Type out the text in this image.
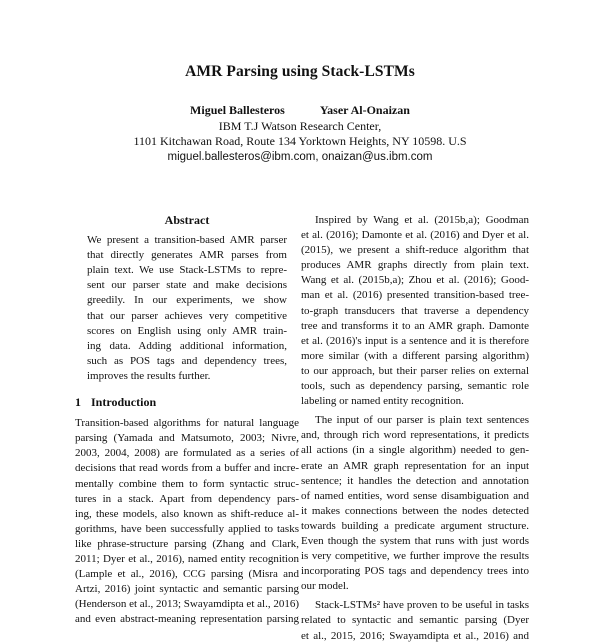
AMR Parsing using Stack-LSTMs
Miguel Ballesteros	Yaser Al-Onaizan
IBM T.J Watson Research Center,
1101 Kitchawan Road, Route 134 Yorktown Heights, NY 10598. U.S
miguel.ballesteros@ibm.com, onaizan@us.ibm.com
Abstract
We present a transition-based AMR parser
that directly generates AMR parses from
plain text. We use Stack-LSTMs to repre-
sent our parser state and make decisions
greedily. In our experiments, we show
that our parser achieves very competitive
scores on English using only AMR train-
ing data. Adding additional information,
such as POS tags and dependency trees,
improves the results further.
1 Introduction
Transition-based algorithms for natural language
parsing (Yamada and Matsumoto, 2003; Nivre,
2003, 2004, 2008) are formulated as a series of
decisions that read words from a buffer and incre-
mentally combine them to form syntactic struc-
tures in a stack. Apart from dependency pars-
ing, these models, also known as shift-reduce al-
gorithms, have been successfully applied to tasks
like phrase-structure parsing (Zhang and Clark,
2011; Dyer et al., 2016), named entity recognition
(Lample et al., 2016), CCG parsing (Misra and
Artzi, 2016) joint syntactic and semantic parsing
(Henderson et al., 2013; Swayamdipta et al., 2016)
and even abstract-meaning representation parsing
Inspired by Wang et al. (2015b,a); Goodman
et al. (2016); Damonte et al. (2016) and Dyer et al.
(2015), we present a shift-reduce algorithm that
produces AMR graphs directly from plain text.
Wang et al. (2015b,a); Zhou et al. (2016); Good-
man et al. (2016) presented transition-based tree-
to-graph transducers that traverse a dependency
tree and transforms it to an AMR graph. Damonte
et al. (2016)'s input is a sentence and it is therefore
more similar (with a different parsing algorithm)
to our approach, but their parser relies on external
tools, such as dependency parsing, semantic role
labeling or named entity recognition.
The input of our parser is plain text sentences
and, through rich word representations, it predicts
all actions (in a single algorithm) needed to gen-
erate an AMR graph representation for an input
sentence; it handles the detection and annotation
of named entities, word sense disambiguation and
it makes connections between the nodes detected
towards building a predicate argument structure.
Even though the system that runs with just words
is very competitive, we further improve the results
incorporating POS tags and dependency trees into
our model.
Stack-LSTMs² have proven to be useful in tasks
related to syntactic and semantic parsing (Dyer
et al., 2015, 2016; Swayamdipta et al., 2016) and
